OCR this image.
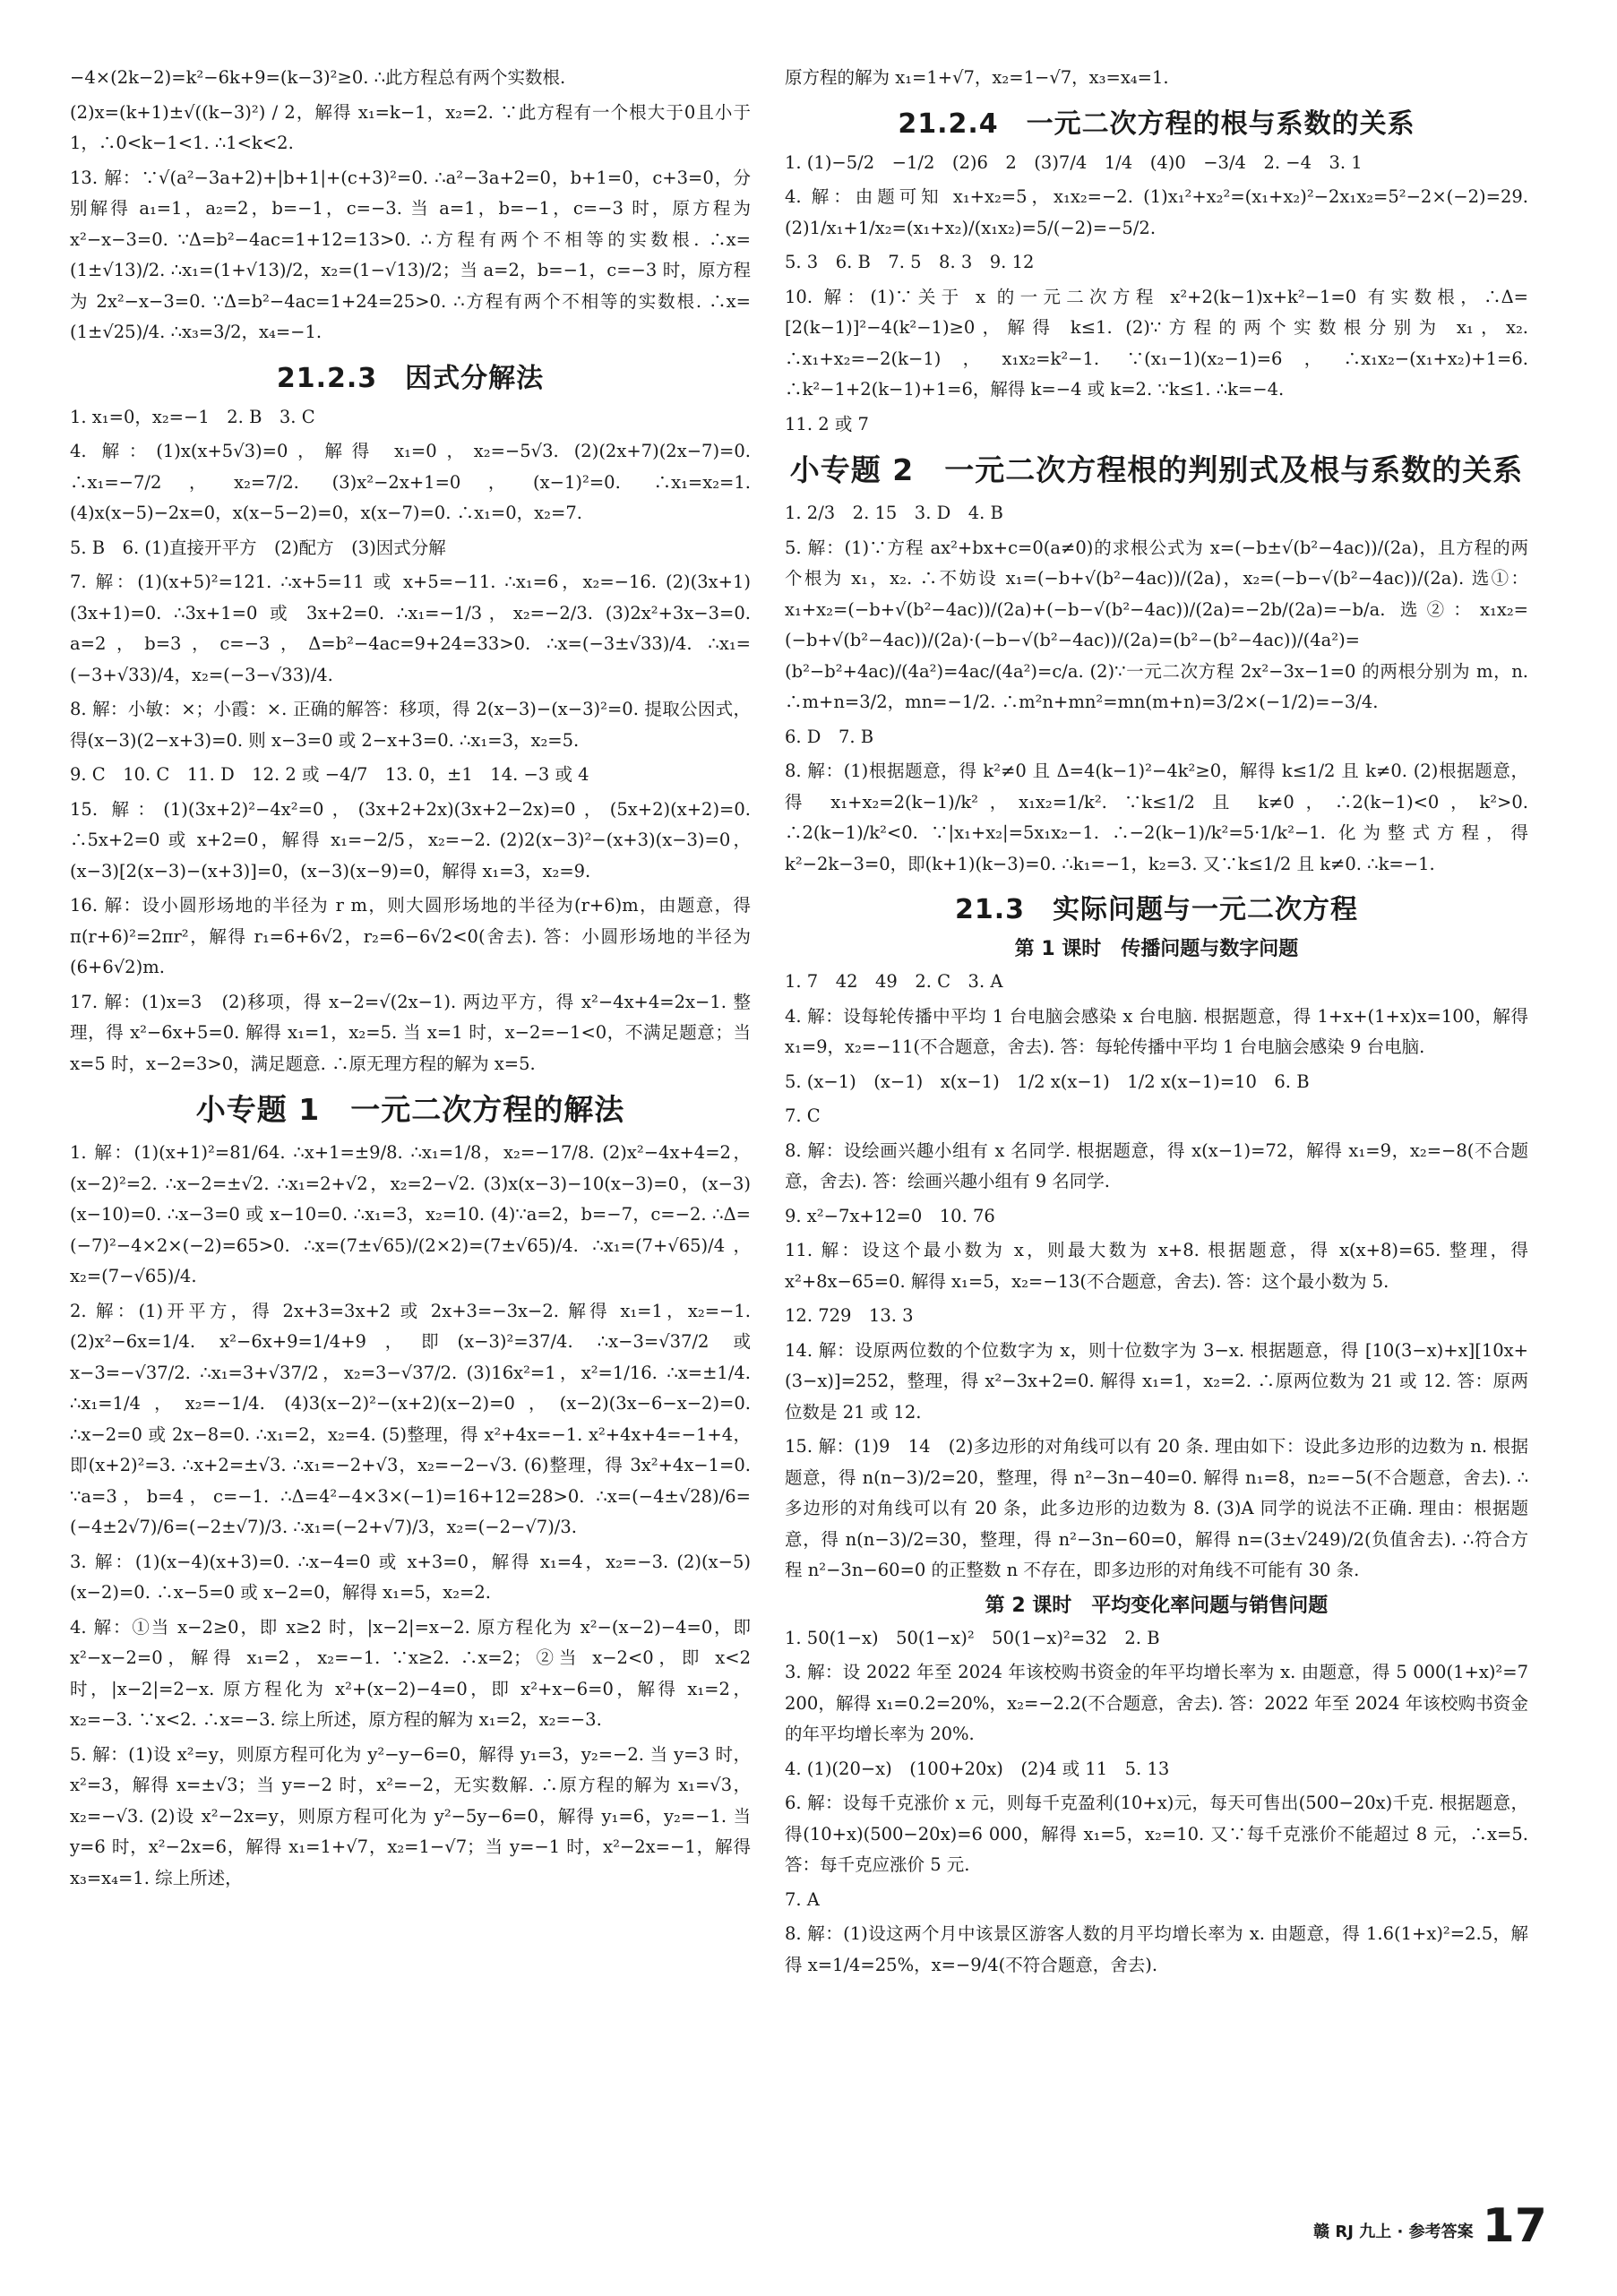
−4×(2k−2)=k²−6k+9=(k−3)²≥0. ∴此方程总有两个实数根.

(2)x=(k+1)±√((k−3)²) / 2，解得 x₁=k−1，x₂=2. ∵此方程有一个根大于0且小于1，∴0<k−1<1. ∴1<k<2.

13. 解：∵√(a²−3a+2)+|b+1|+(c+3)²=0. ∴a²−3a+2=0，b+1=0，c+3=0，分别解得 a₁=1，a₂=2，b=−1，c=−3. 当 a=1，b=−1，c=−3 时，原方程为 x²−x−3=0. ∵Δ=b²−4ac=1+12=13>0. ∴方程有两个不相等的实数根. ∴x=(1±√13)/2. ∴x₁=(1+√13)/2，x₂=(1−√13)/2；当 a=2，b=−1，c=−3 时，原方程为 2x²−x−3=0. ∵Δ=b²−4ac=1+24=25>0. ∴方程有两个不相等的实数根. ∴x=(1±√25)/4. ∴x₃=3/2，x₄=−1.

21.2.3　因式分解法

1. x₁=0，x₂=−1　2. B　3. C

4. 解：(1)x(x+5√3)=0，解得 x₁=0，x₂=−5√3. (2)(2x+7)(2x−7)=0. ∴x₁=−7/2，x₂=7/2. (3)x²−2x+1=0，(x−1)²=0. ∴x₁=x₂=1. (4)x(x−5)−2x=0，x(x−5−2)=0，x(x−7)=0. ∴x₁=0，x₂=7.

5. B　6. (1)直接开平方　(2)配方　(3)因式分解

7. 解：(1)(x+5)²=121. ∴x+5=11 或 x+5=−11. ∴x₁=6，x₂=−16. (2)(3x+1)(3x+1)=0. ∴3x+1=0 或 3x+2=0. ∴x₁=−1/3，x₂=−2/3. (3)2x²+3x−3=0. a=2，b=3，c=−3，Δ=b²−4ac=9+24=33>0. ∴x=(−3±√33)/4. ∴x₁=(−3+√33)/4，x₂=(−3−√33)/4.

8. 解：小敏：×；小霞：×. 正确的解答：移项，得 2(x−3)−(x−3)²=0. 提取公因式，得(x−3)(2−x+3)=0. 则 x−3=0 或 2−x+3=0. ∴x₁=3，x₂=5.

9. C　10. C　11. D　12. 2 或 −4/7　13. 0，±1　14. −3 或 4

15. 解：(1)(3x+2)²−4x²=0，(3x+2+2x)(3x+2−2x)=0，(5x+2)(x+2)=0. ∴5x+2=0 或 x+2=0，解得 x₁=−2/5，x₂=−2. (2)2(x−3)²−(x+3)(x−3)=0，(x−3)[2(x−3)−(x+3)]=0，(x−3)(x−9)=0，解得 x₁=3，x₂=9.

16. 解：设小圆形场地的半径为 r m，则大圆形场地的半径为(r+6)m，由题意，得 π(r+6)²=2πr²，解得 r₁=6+6√2，r₂=6−6√2<0(舍去). 答：小圆形场地的半径为(6+6√2)m.

17. 解：(1)x=3　(2)移项，得 x−2=√(2x−1). 两边平方，得 x²−4x+4=2x−1. 整理，得 x²−6x+5=0. 解得 x₁=1，x₂=5. 当 x=1 时，x−2=−1<0，不满足题意；当 x=5 时，x−2=3>0，满足题意. ∴原无理方程的解为 x=5.

小专题 1　一元二次方程的解法

1. 解：(1)(x+1)²=81/64. ∴x+1=±9/8. ∴x₁=1/8，x₂=−17/8. (2)x²−4x+4=2，(x−2)²=2. ∴x−2=±√2. ∴x₁=2+√2，x₂=2−√2. (3)x(x−3)−10(x−3)=0，(x−3)(x−10)=0. ∴x−3=0 或 x−10=0. ∴x₁=3，x₂=10. (4)∵a=2，b=−7，c=−2. ∴Δ=(−7)²−4×2×(−2)=65>0. ∴x=(7±√65)/(2×2)=(7±√65)/4. ∴x₁=(7+√65)/4，x₂=(7−√65)/4.

2. 解：(1)开平方，得 2x+3=3x+2 或 2x+3=−3x−2. 解得 x₁=1，x₂=−1. (2)x²−6x=1/4. x²−6x+9=1/4+9，即(x−3)²=37/4. ∴x−3=√37/2 或 x−3=−√37/2. ∴x₁=3+√37/2，x₂=3−√37/2. (3)16x²=1，x²=1/16. ∴x=±1/4. ∴x₁=1/4，x₂=−1/4. (4)3(x−2)²−(x+2)(x−2)=0，(x−2)(3x−6−x−2)=0. ∴x−2=0 或 2x−8=0. ∴x₁=2，x₂=4. (5)整理，得 x²+4x=−1. x²+4x+4=−1+4，即(x+2)²=3. ∴x+2=±√3. ∴x₁=−2+√3，x₂=−2−√3. (6)整理，得 3x²+4x−1=0. ∵a=3，b=4，c=−1. ∴Δ=4²−4×3×(−1)=16+12=28>0. ∴x=(−4±√28)/6=(−4±2√7)/6=(−2±√7)/3. ∴x₁=(−2+√7)/3，x₂=(−2−√7)/3.

3. 解：(1)(x−4)(x+3)=0. ∴x−4=0 或 x+3=0，解得 x₁=4，x₂=−3. (2)(x−5)(x−2)=0. ∴x−5=0 或 x−2=0，解得 x₁=5，x₂=2.

4. 解：①当 x−2≥0，即 x≥2 时，|x−2|=x−2. 原方程化为 x²−(x−2)−4=0，即 x²−x−2=0，解得 x₁=2，x₂=−1. ∵x≥2. ∴x=2；②当 x−2<0，即 x<2 时，|x−2|=2−x. 原方程化为 x²+(x−2)−4=0，即 x²+x−6=0，解得 x₁=2，x₂=−3. ∵x<2. ∴x=−3. 综上所述，原方程的解为 x₁=2，x₂=−3.

5. 解：(1)设 x²=y，则原方程可化为 y²−y−6=0，解得 y₁=3，y₂=−2. 当 y=3 时，x²=3，解得 x=±√3；当 y=−2 时，x²=−2，无实数解. ∴原方程的解为 x₁=√3，x₂=−√3. (2)设 x²−2x=y，则原方程可化为 y²−5y−6=0，解得 y₁=6，y₂=−1. 当 y=6 时，x²−2x=6，解得 x₁=1+√7，x₂=1−√7；当 y=−1 时，x²−2x=−1，解得 x₃=x₄=1. 综上所述，

原方程的解为 x₁=1+√7，x₂=1−√7，x₃=x₄=1.

21.2.4　一元二次方程的根与系数的关系

1. (1)−5/2　−1/2　(2)6　2　(3)7/4　1/4　(4)0　−3/4　2. −4　3. 1

4. 解：由题可知 x₁+x₂=5，x₁x₂=−2. (1)x₁²+x₂²=(x₁+x₂)²−2x₁x₂=5²−2×(−2)=29. (2)1/x₁+1/x₂=(x₁+x₂)/(x₁x₂)=5/(−2)=−5/2.

5. 3　6. B　7. 5　8. 3　9. 12

10. 解：(1)∵关于 x 的一元二次方程 x²+2(k−1)x+k²−1=0 有实数根，∴Δ=[2(k−1)]²−4(k²−1)≥0，解得 k≤1. (2)∵方程的两个实数根分别为 x₁，x₂. ∴x₁+x₂=−2(k−1)，x₁x₂=k²−1. ∵(x₁−1)(x₂−1)=6，∴x₁x₂−(x₁+x₂)+1=6. ∴k²−1+2(k−1)+1=6，解得 k=−4 或 k=2. ∵k≤1. ∴k=−4.

11. 2 或 7

小专题 2　一元二次方程根的判别式及根与系数的关系

1. 2/3　2. 15　3. D　4. B

5. 解：(1)∵方程 ax²+bx+c=0(a≠0)的求根公式为 x=(−b±√(b²−4ac))/(2a)，且方程的两个根为 x₁，x₂. ∴不妨设 x₁=(−b+√(b²−4ac))/(2a)，x₂=(−b−√(b²−4ac))/(2a). 选①：x₁+x₂=(−b+√(b²−4ac))/(2a)+(−b−√(b²−4ac))/(2a)=−2b/(2a)=−b/a. 选②：x₁x₂=(−b+√(b²−4ac))/(2a)·(−b−√(b²−4ac))/(2a)=(b²−(b²−4ac))/(4a²)=(b²−b²+4ac)/(4a²)=4ac/(4a²)=c/a. (2)∵一元二次方程 2x²−3x−1=0 的两根分别为 m，n. ∴m+n=3/2，mn=−1/2. ∴m²n+mn²=mn(m+n)=3/2×(−1/2)=−3/4.

6. D　7. B

8. 解：(1)根据题意，得 k²≠0 且 Δ=4(k−1)²−4k²≥0，解得 k≤1/2 且 k≠0. (2)根据题意，得 x₁+x₂=2(k−1)/k²，x₁x₂=1/k². ∵k≤1/2 且 k≠0，∴2(k−1)<0，k²>0. ∴2(k−1)/k²<0. ∵|x₁+x₂|=5x₁x₂−1. ∴−2(k−1)/k²=5·1/k²−1. 化为整式方程，得 k²−2k−3=0，即(k+1)(k−3)=0. ∴k₁=−1，k₂=3. 又∵k≤1/2 且 k≠0. ∴k=−1.

21.3　实际问题与一元二次方程
第 1 课时　传播问题与数字问题

1. 7　42　49　2. C　3. A

4. 解：设每轮传播中平均 1 台电脑会感染 x 台电脑. 根据题意，得 1+x+(1+x)x=100，解得 x₁=9，x₂=−11(不合题意，舍去). 答：每轮传播中平均 1 台电脑会感染 9 台电脑.

5. (x−1)　(x−1)　x(x−1)　1/2 x(x−1)　1/2 x(x−1)=10　6. B

7. C

8. 解：设绘画兴趣小组有 x 名同学. 根据题意，得 x(x−1)=72，解得 x₁=9，x₂=−8(不合题意，舍去). 答：绘画兴趣小组有 9 名同学.

9. x²−7x+12=0　10. 76

11. 解：设这个最小数为 x，则最大数为 x+8. 根据题意，得 x(x+8)=65. 整理，得 x²+8x−65=0. 解得 x₁=5，x₂=−13(不合题意，舍去). 答：这个最小数为 5.

12. 729　13. 3

14. 解：设原两位数的个位数字为 x，则十位数字为 3−x. 根据题意，得 [10(3−x)+x][10x+(3−x)]=252，整理，得 x²−3x+2=0. 解得 x₁=1，x₂=2. ∴原两位数为 21 或 12. 答：原两位数是 21 或 12.

15. 解：(1)9　14　(2)多边形的对角线可以有 20 条. 理由如下：设此多边形的边数为 n. 根据题意，得 n(n−3)/2=20，整理，得 n²−3n−40=0. 解得 n₁=8，n₂=−5(不合题意，舍去). ∴多边形的对角线可以有 20 条，此多边形的边数为 8. (3)A 同学的说法不正确. 理由：根据题意，得 n(n−3)/2=30，整理，得 n²−3n−60=0，解得 n=(3±√249)/2(负值舍去). ∴符合方程 n²−3n−60=0 的正整数 n 不存在，即多边形的对角线不可能有 30 条.

第 2 课时　平均变化率问题与销售问题

1. 50(1−x)　50(1−x)²　50(1−x)²=32　2. B

3. 解：设 2022 年至 2024 年该校购书资金的年平均增长率为 x. 由题意，得 5 000(1+x)²=7 200，解得 x₁=0.2=20%，x₂=−2.2(不合题意，舍去). 答：2022 年至 2024 年该校购书资金的年平均增长率为 20%.

4. (1)(20−x)　(100+20x)　(2)4 或 11　5. 13

6. 解：设每千克涨价 x 元，则每千克盈利(10+x)元，每天可售出(500−20x)千克. 根据题意，得(10+x)(500−20x)=6 000，解得 x₁=5，x₂=10. 又∵每千克涨价不能超过 8 元，∴x=5. 答：每千克应涨价 5 元.

7. A

8. 解：(1)设这两个月中该景区游客人数的月平均增长率为 x. 由题意，得 1.6(1+x)²=2.5，解得 x=1/4=25%，x=−9/4(不符合题意，舍去).

赣 RJ 九上 · 参考答案 17
